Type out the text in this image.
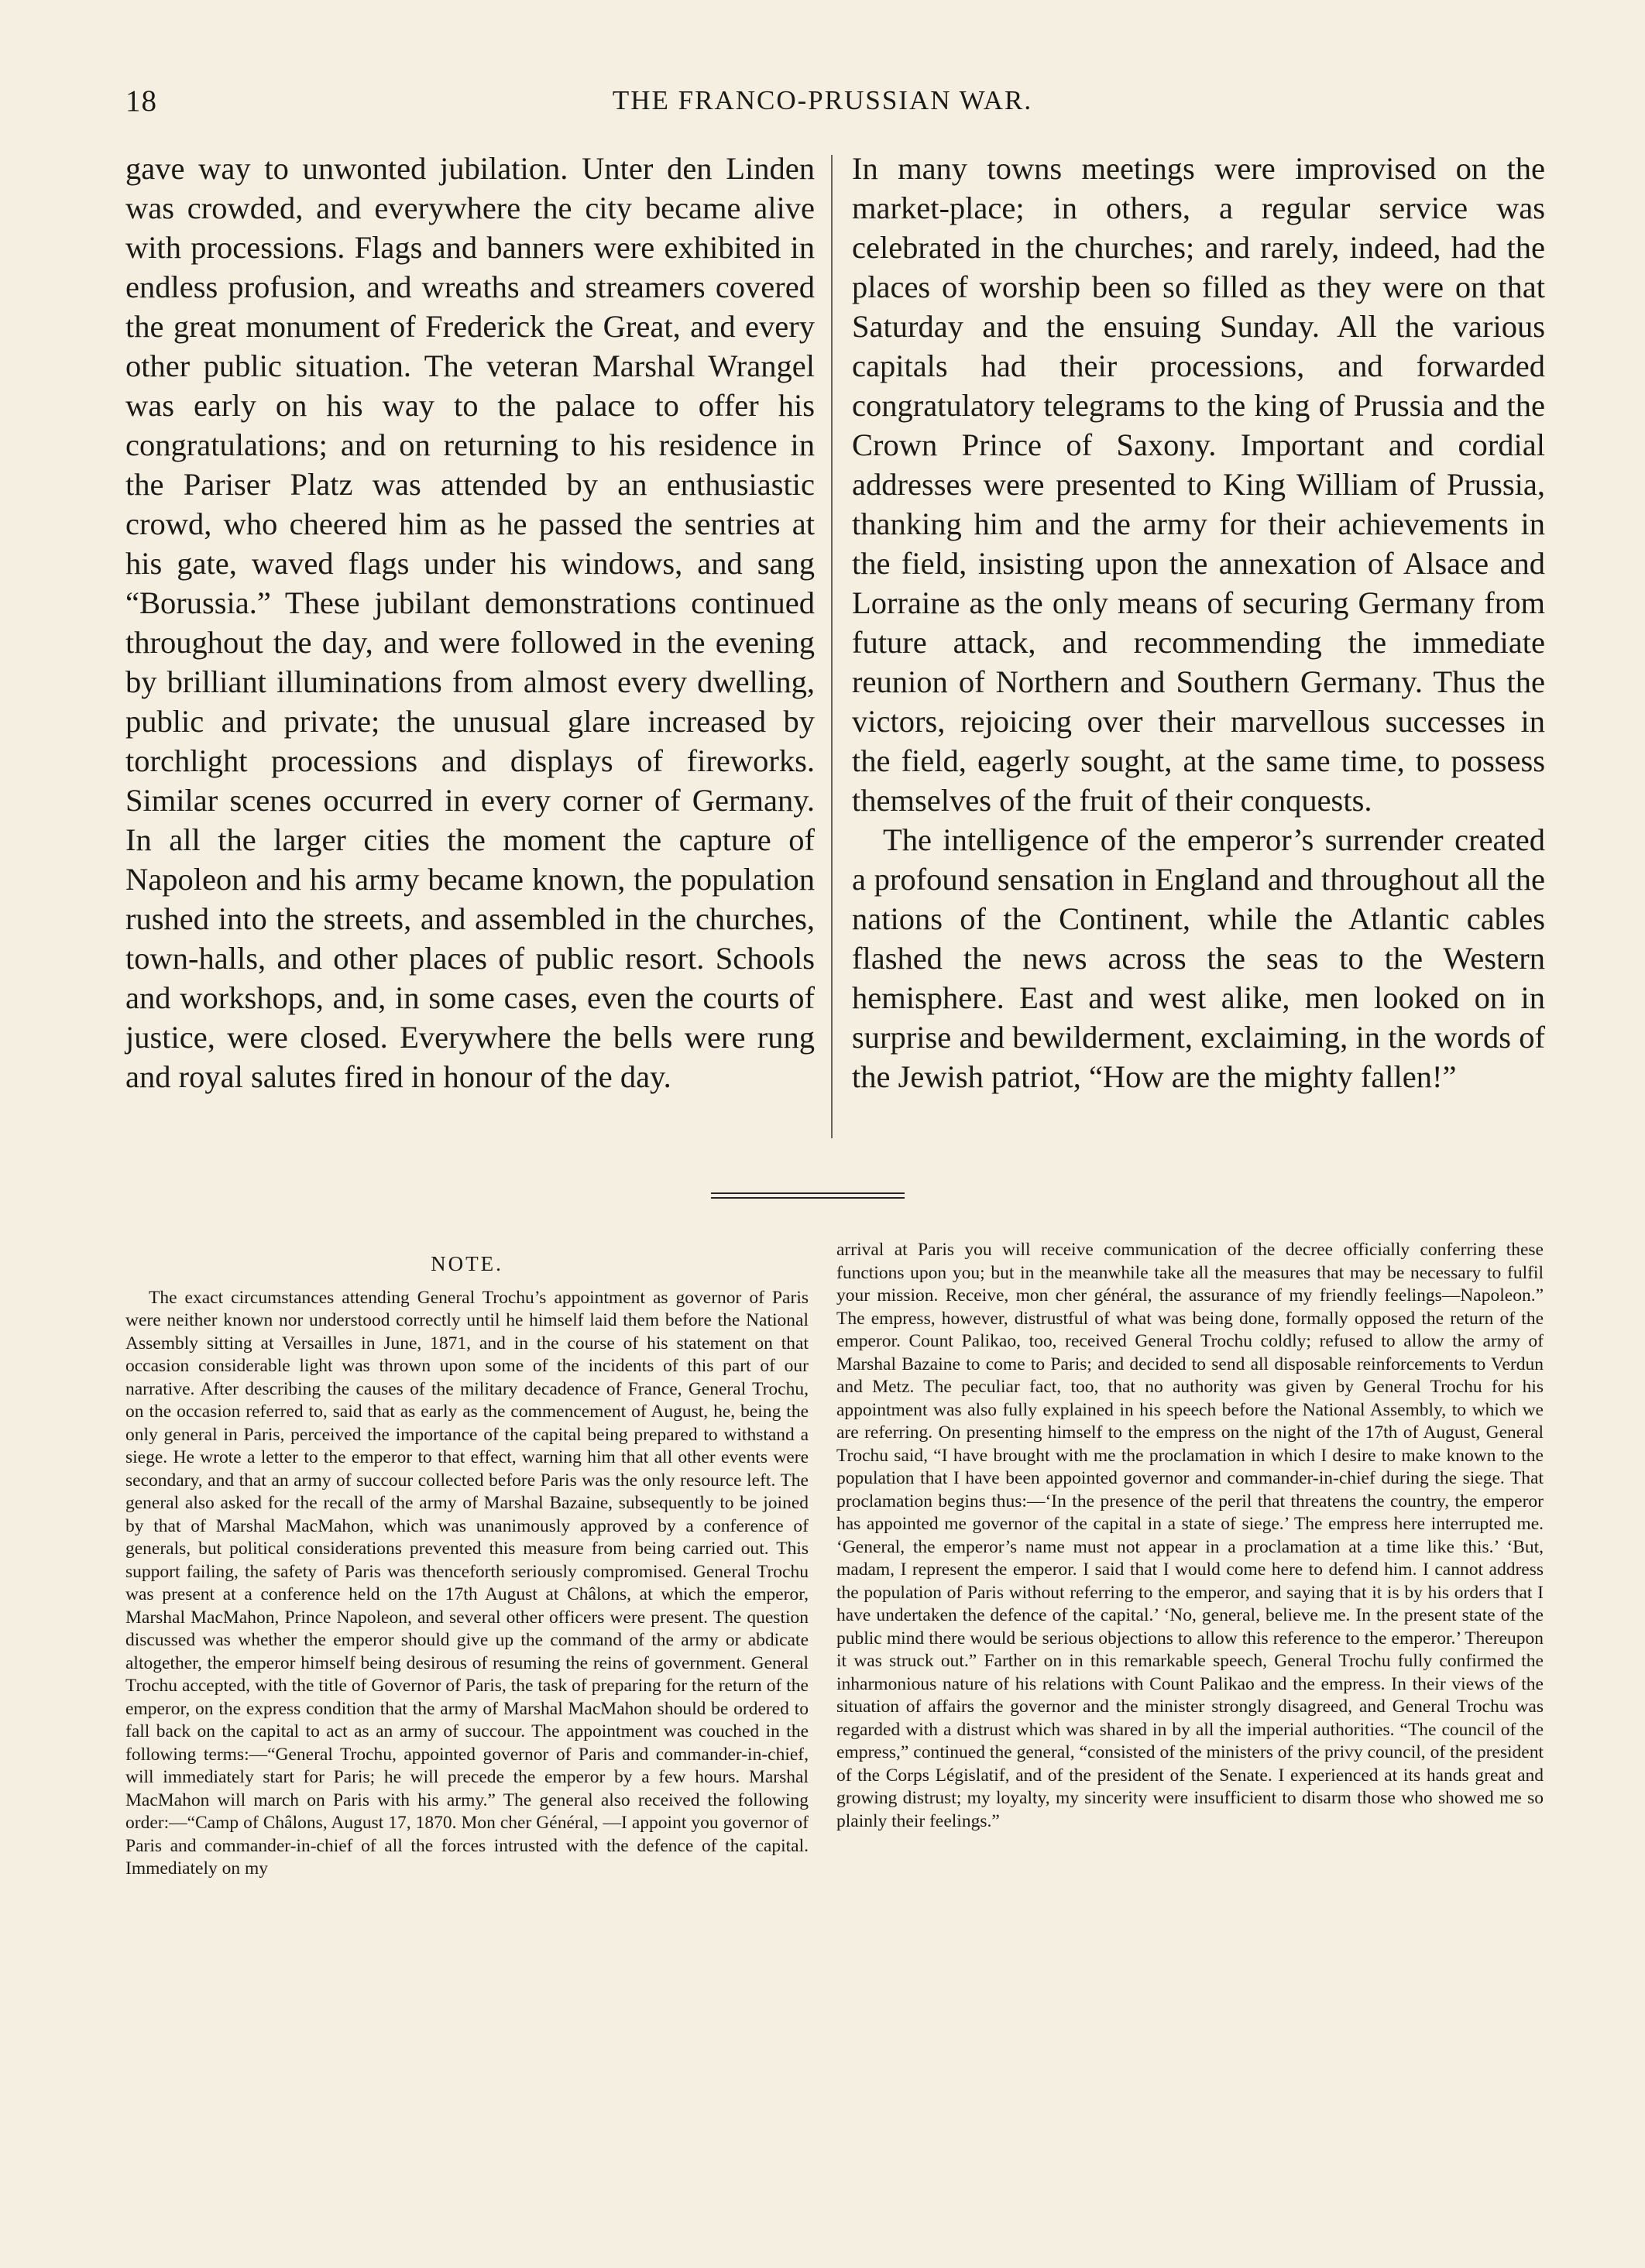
18	THE FRANCO-PRUSSIAN WAR.

gave way to unwonted jubilation. Unter den Linden was crowded, and everywhere the city became alive with processions. Flags and banners were exhibited in endless profusion, and wreaths and streamers covered the great monument of Frederick the Great, and every other public situation. The veteran Marshal Wrangel was early on his way to the palace to offer his congratulations; and on returning to his residence in the Pariser Platz was attended by an enthusiastic crowd, who cheered him as he passed the sentries at his gate, waved flags under his windows, and sang “Borussia.” These jubilant demonstrations continued throughout the day, and were followed in the evening by brilliant illuminations from almost every dwelling, public and private; the unusual glare increased by torchlight processions and displays of fireworks. Similar scenes occurred in every corner of Germany. In all the larger cities the moment the capture of Napoleon and his army became known, the population rushed into the streets, and assembled in the churches, town-halls, and other places of public resort. Schools and workshops, and, in some cases, even the courts of justice, were closed. Everywhere the bells were rung and royal salutes fired in honour of the day.

In many towns meetings were improvised on the market-place; in others, a regular service was celebrated in the churches; and rarely, indeed, had the places of worship been so filled as they were on that Saturday and the ensuing Sunday. All the various capitals had their processions, and forwarded congratulatory telegrams to the king of Prussia and the Crown Prince of Saxony. Important and cordial addresses were presented to King William of Prussia, thanking him and the army for their achievements in the field, insisting upon the annexation of Alsace and Lorraine as the only means of securing Germany from future attack, and recommending the immediate reunion of Northern and Southern Germany. Thus the victors, rejoicing over their marvellous successes in the field, eagerly sought, at the same time, to possess themselves of the fruit of their conquests.

The intelligence of the emperor’s surrender created a profound sensation in England and throughout all the nations of the Continent, while the Atlantic cables flashed the news across the seas to the Western hemisphere. East and west alike, men looked on in surprise and bewilderment, exclaiming, in the words of the Jewish patriot, “How are the mighty fallen!”

NOTE.

The exact circumstances attending General Trochu’s appointment as governor of Paris were neither known nor understood correctly until he himself laid them before the National Assembly sitting at Versailles in June, 1871, and in the course of his statement on that occasion considerable light was thrown upon some of the incidents of this part of our narrative. After describing the causes of the military decadence of France, General Trochu, on the occasion referred to, said that as early as the commencement of August, he, being the only general in Paris, perceived the importance of the capital being prepared to withstand a siege. He wrote a letter to the emperor to that effect, warning him that all other events were secondary, and that an army of succour collected before Paris was the only resource left. The general also asked for the recall of the army of Marshal Bazaine, subsequently to be joined by that of Marshal MacMahon, which was unanimously approved by a conference of generals, but political considerations prevented this measure from being carried out. This support failing, the safety of Paris was thenceforth seriously compromised. General Trochu was present at a conference held on the 17th August at Châlons, at which the emperor, Marshal MacMahon, Prince Napoleon, and several other officers were present. The question discussed was whether the emperor should give up the command of the army or abdicate altogether, the emperor himself being desirous of resuming the reins of government. General Trochu accepted, with the title of Governor of Paris, the task of preparing for the return of the emperor, on the express condition that the army of Marshal MacMahon should be ordered to fall back on the capital to act as an army of succour. The appointment was couched in the following terms:—“General Trochu, appointed governor of Paris and commander-in-chief, will immediately start for Paris; he will precede the emperor by a few hours. Marshal MacMahon will march on Paris with his army.” The general also received the following order:—“Camp of Châlons, August 17, 1870. Mon cher Général, —I appoint you governor of Paris and commander-in-chief of all the forces intrusted with the defence of the capital. Immediately on my

arrival at Paris you will receive communication of the decree officially conferring these functions upon you; but in the meanwhile take all the measures that may be necessary to fulfil your mission. Receive, mon cher général, the assurance of my friendly feelings—Napoleon.” The empress, however, distrustful of what was being done, formally opposed the return of the emperor. Count Palikao, too, received General Trochu coldly; refused to allow the army of Marshal Bazaine to come to Paris; and decided to send all disposable reinforcements to Verdun and Metz. The peculiar fact, too, that no authority was given by General Trochu for his appointment was also fully explained in his speech before the National Assembly, to which we are referring. On presenting himself to the empress on the night of the 17th of August, General Trochu said, “I have brought with me the proclamation in which I desire to make known to the population that I have been appointed governor and commander-in-chief during the siege. That proclamation begins thus:—‘In the presence of the peril that threatens the country, the emperor has appointed me governor of the capital in a state of siege.’ The empress here interrupted me. ‘General, the emperor’s name must not appear in a proclamation at a time like this.’ ‘But, madam, I represent the emperor. I said that I would come here to defend him. I cannot address the population of Paris without referring to the emperor, and saying that it is by his orders that I have undertaken the defence of the capital.’ ‘No, general, believe me. In the present state of the public mind there would be serious objections to allow this reference to the emperor.’ Thereupon it was struck out.” Farther on in this remarkable speech, General Trochu fully confirmed the inharmonious nature of his relations with Count Palikao and the empress. In their views of the situation of affairs the governor and the minister strongly disagreed, and General Trochu was regarded with a distrust which was shared in by all the imperial authorities. “The council of the empress,” continued the general, “consisted of the ministers of the privy council, of the president of the Corps Législatif, and of the president of the Senate. I experienced at its hands great and growing distrust; my loyalty, my sincerity were insufficient to disarm those who showed me so plainly their feelings.”
